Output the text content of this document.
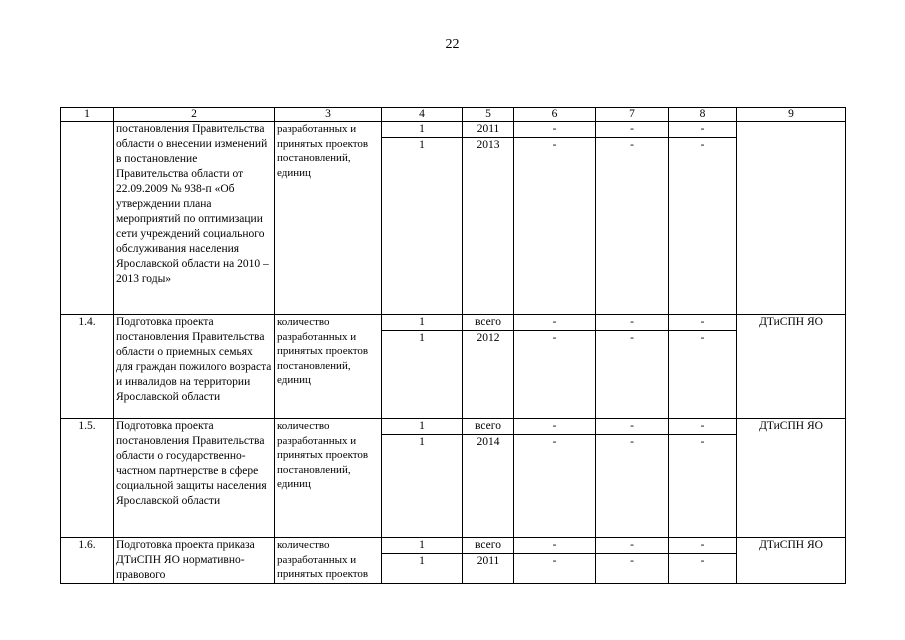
22
1	2	3	4	5	6	7	8	9
	постановления Правительства области о внесении изменений в постановление Правительства области от 22.09.2009 № 938-п «Об утверждении плана мероприятий по оптимизации сети учреждений социального обслуживания населения Ярославской области на 2010 – 2013 годы»	разработанных и принятых проектов постановлений, единиц	1	2011	-	-	-	
			1	2013	-	-	-	
1.4.	Подготовка проекта постановления Правительства области о приемных семьях для граждан пожилого возраста и инвалидов на территории Ярославской области	количество разработанных и принятых проектов постановлений, единиц	1	всего	-	-	-	ДТиСПН ЯО
			1	2012	-	-	-	
1.5.	Подготовка проекта постановления Правительства области о государственно-частном партнерстве в сфере социальной защиты населения Ярославской области	количество разработанных и принятых проектов постановлений, единиц	1	всего	-	-	-	ДТиСПН ЯО
			1	2014	-	-	-	
1.6.	Подготовка проекта приказа ДТиСПН ЯО нормативно-правового	количество разработанных и принятых проектов	1	всего	-	-	-	ДТиСПН ЯО
			1	2011	-	-	-	
